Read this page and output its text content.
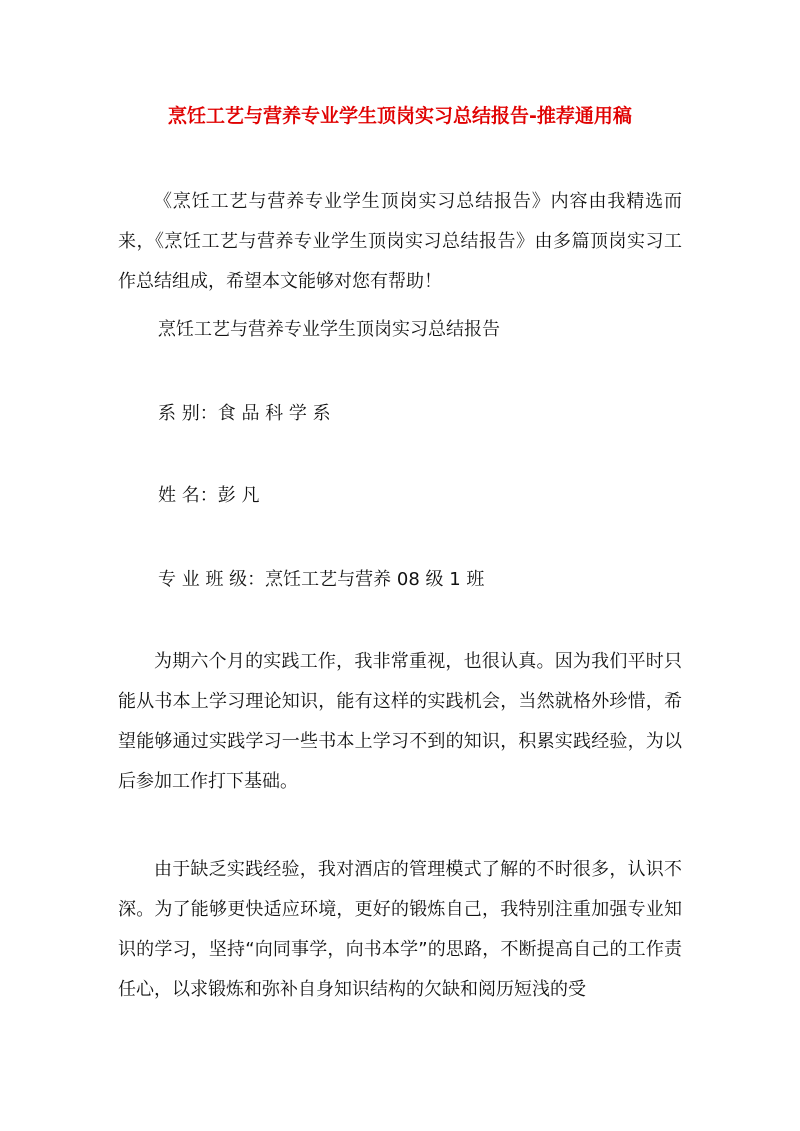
烹饪工艺与营养专业学生顶岗实习总结报告-推荐通用稿

《烹饪工艺与营养专业学生顶岗实习总结报告》内容由我精选而来，《烹饪工艺与营养专业学生顶岗实习总结报告》由多篇顶岗实习工作总结组成，希望本文能够对您有帮助！

烹饪工艺与营养专业学生顶岗实习总结报告

系 别：食 品 科 学 系

姓 名：彭 凡

专 业 班 级：烹饪工艺与营养 08 级 1 班

为期六个月的实践工作，我非常重视，也很认真。因为我们平时只能从书本上学习理论知识，能有这样的实践机会，当然就格外珍惜，希望能够通过实践学习一些书本上学习不到的知识，积累实践经验，为以后参加工作打下基础。

由于缺乏实践经验，我对酒店的管理模式了解的不时很多，认识不深。为了能够更快适应环境，更好的锻炼自己，我特别注重加强专业知识的学习，坚持“向同事学，向书本学”的思路，不断提高自己的工作责任心，以求锻炼和弥补自身知识结构的欠缺和阅历短浅的受
